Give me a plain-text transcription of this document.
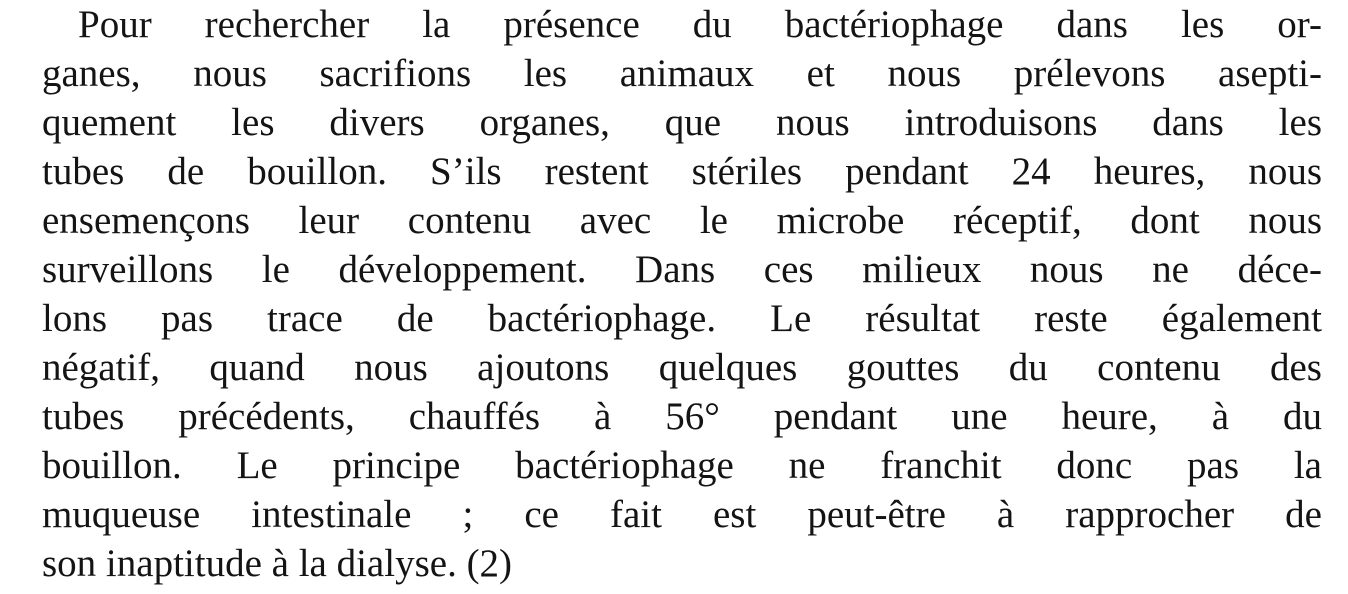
Pour rechercher la présence du bactériophage dans les or-
ganes, nous sacrifions les animaux et nous prélevons asepti-
quement les divers organes, que nous introduisons dans les
tubes de bouillon. S’ils restent stériles pendant 24 heures, nous
ensemençons leur contenu avec le microbe réceptif, dont nous
surveillons le développement. Dans ces milieux nous ne déce-
lons pas trace de bactériophage. Le résultat reste également
négatif, quand nous ajoutons quelques gouttes du contenu des
tubes précédents, chauffés à 56° pendant une heure, à du
bouillon. Le principe bactériophage ne franchit donc pas la
muqueuse intestinale ; ce fait est peut-être à rapprocher de
son inaptitude à la dialyse. (2)
